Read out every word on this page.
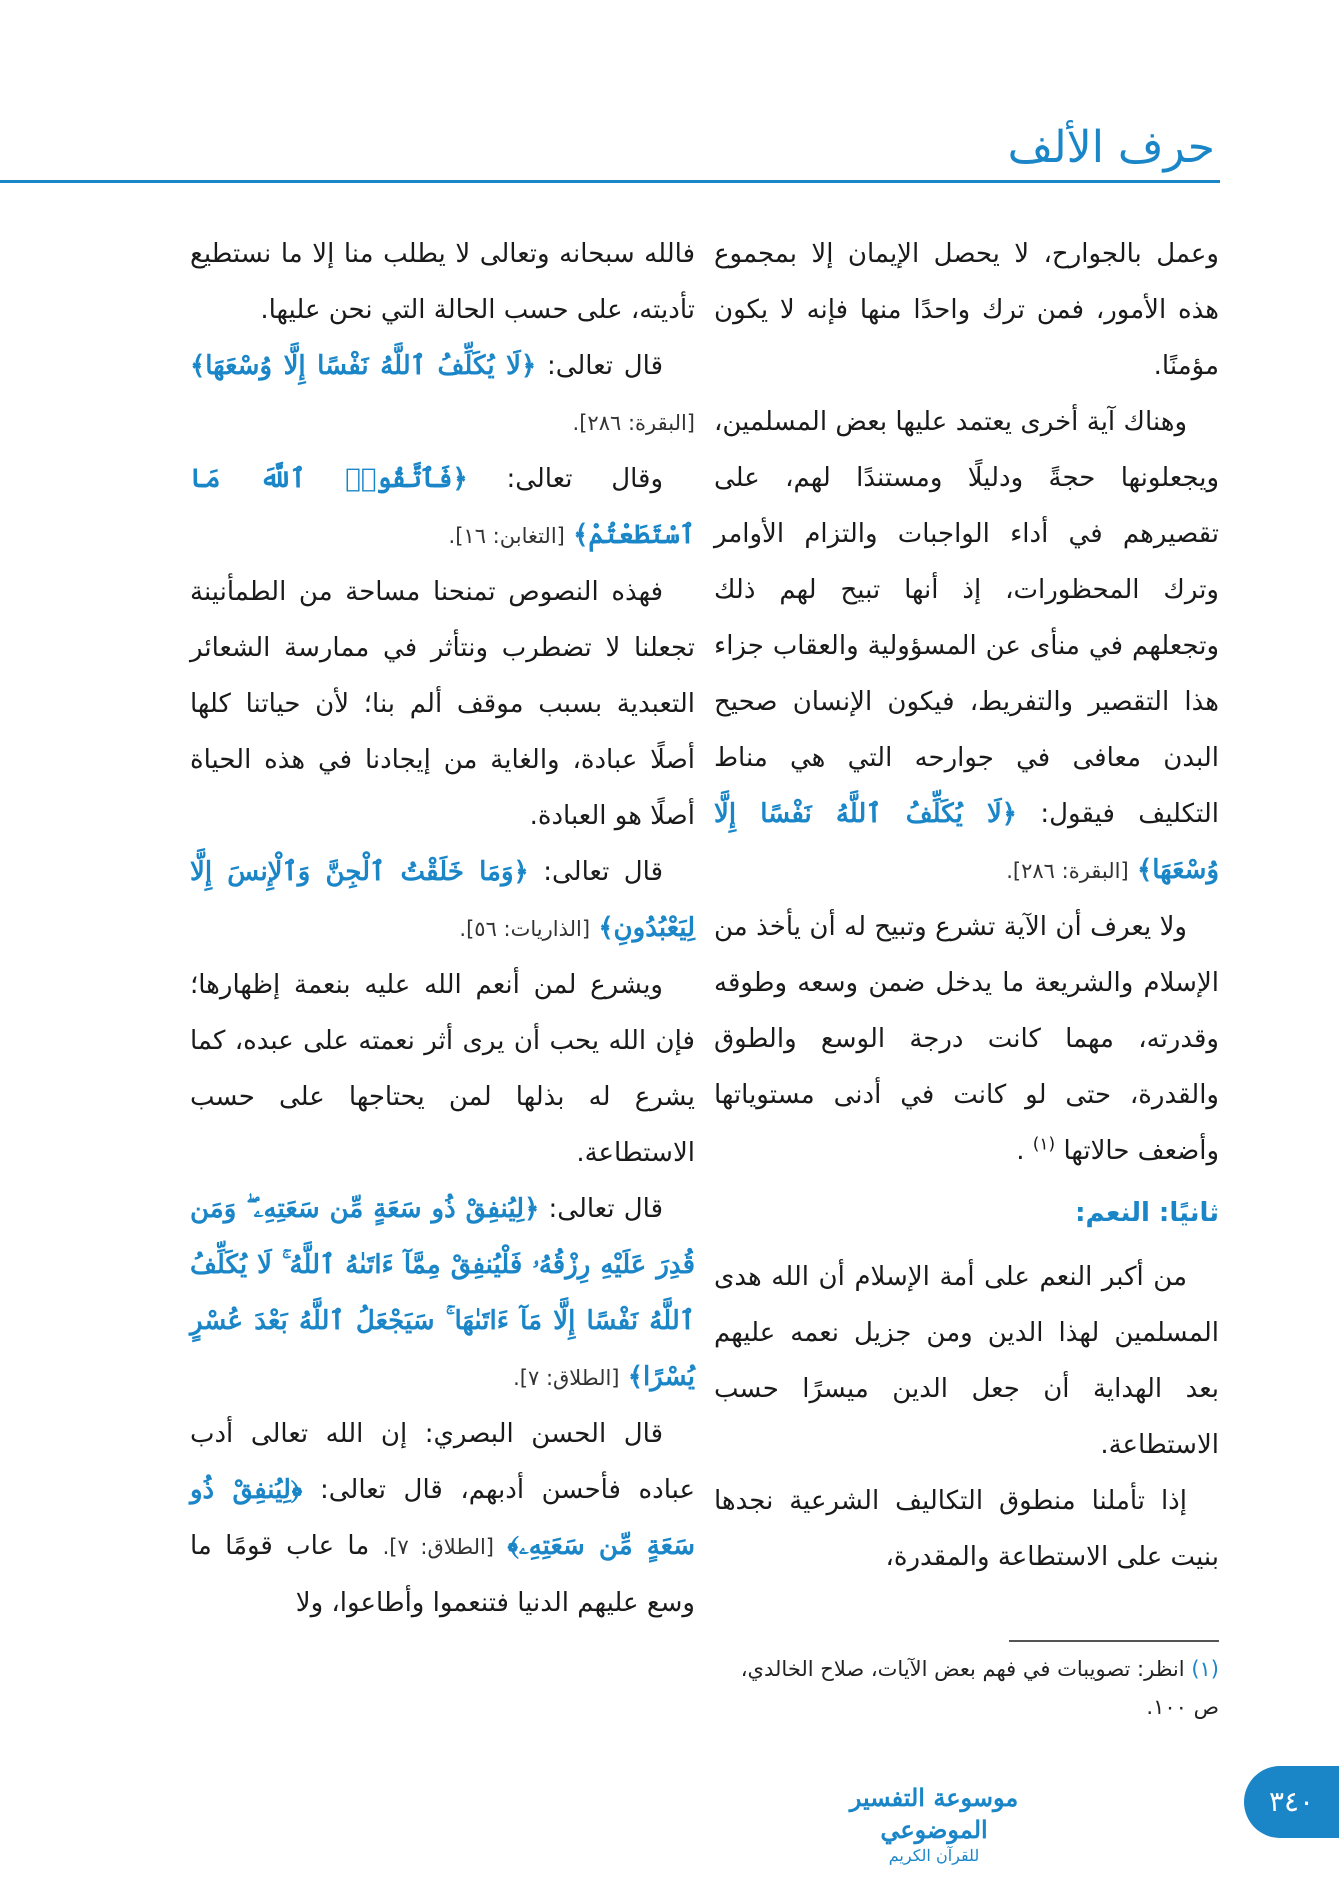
حرف الألف

وعمل بالجوارح، لا يحصل الإيمان إلا بمجموع هذه الأمور، فمن ترك واحدًا منها فإنه لا يكون مؤمنًا.

وهناك آية أخرى يعتمد عليها بعض المسلمين، ويجعلونها حجةً ودليلًا ومستندًا لهم، على تقصيرهم في أداء الواجبات والتزام الأوامر وترك المحظورات، إذ أنها تبيح لهم ذلك وتجعلهم في منأى عن المسؤولية والعقاب جزاء هذا التقصير والتفريط، فيكون الإنسان صحيح البدن معافى في جوارحه التي هي مناط التكليف فيقول: ﴿لَا يُكَلِّفُ ٱللَّهُ نَفْسًا إِلَّا وُسْعَهَا﴾ [البقرة: ٢٨٦].

ولا يعرف أن الآية تشرع وتبيح له أن يأخذ من الإسلام والشريعة ما يدخل ضمن وسعه وطوقه وقدرته، مهما كانت درجة الوسع والطوق والقدرة، حتى لو كانت في أدنى مستوياتها وأضعف حالاتها $^{(١)}$ .

ثانيًا: النعم:

من أكبر النعم على أمة الإسلام أن الله هدى المسلمين لهذا الدين ومن جزيل نعمه عليهم بعد الهداية أن جعل الدين ميسرًا حسب الاستطاعة.

إذا تأملنا منطوق التكاليف الشرعية نجدها بنيت على الاستطاعة والمقدرة،

فالله سبحانه وتعالى لا يطلب منا إلا ما نستطيع تأديته، على حسب الحالة التي نحن عليها.

قال تعالى: ﴿لَا يُكَلِّفُ ٱللَّهُ نَفْسًا إِلَّا وُسْعَهَا﴾ [البقرة: ٢٨٦].

وقال تعالى: ﴿فَٱتَّقُوا۟ ٱللَّهَ مَا ٱسْتَطَعْتُمْ﴾ [التغابن: ١٦].

فهذه النصوص تمنحنا مساحة من الطمأنينة تجعلنا لا تضطرب ونتأثر في ممارسة الشعائر التعبدية بسبب موقف ألم بنا؛ لأن حياتنا كلها أصلًا عبادة، والغاية من إيجادنا في هذه الحياة أصلًا هو العبادة.

قال تعالى: ﴿وَمَا خَلَقْتُ ٱلْجِنَّ وَٱلْإِنسَ إِلَّا لِيَعْبُدُونِ﴾ [الذاريات: ٥٦].

ويشرع لمن أنعم الله عليه بنعمة إظهارها؛ فإن الله يحب أن يرى أثر نعمته على عبده، كما يشرع له بذلها لمن يحتاجها على حسب الاستطاعة.

قال تعالى: ﴿لِيُنفِقْ ذُو سَعَةٍ مِّن سَعَتِهِۦ ۖ وَمَن قُدِرَ عَلَيْهِ رِزْقُهُۥ فَلْيُنفِقْ مِمَّآ ءَاتَىٰهُ ٱللَّهُ ۚ لَا يُكَلِّفُ ٱللَّهُ نَفْسًا إِلَّا مَآ ءَاتَىٰهَا ۚ سَيَجْعَلُ ٱللَّهُ بَعْدَ عُسْرٍ يُسْرًا﴾ [الطلاق: ٧].

قال الحسن البصري: إن الله تعالى أدب عباده فأحسن أدبهم، قال تعالى: ﴿لِيُنفِقْ ذُو سَعَةٍ مِّن سَعَتِهِۦ﴾ [الطلاق: ٧]. ما عاب قومًا ما وسع عليهم الدنيا فتنعموا وأطاعوا، ولا

(١) انظر: تصويبات في فهم بعض الآيات، صلاح الخالدي، ص ١٠٠.
موسوعة التفسير الموضوعي
للقرآن الكريم
٣٤٠
